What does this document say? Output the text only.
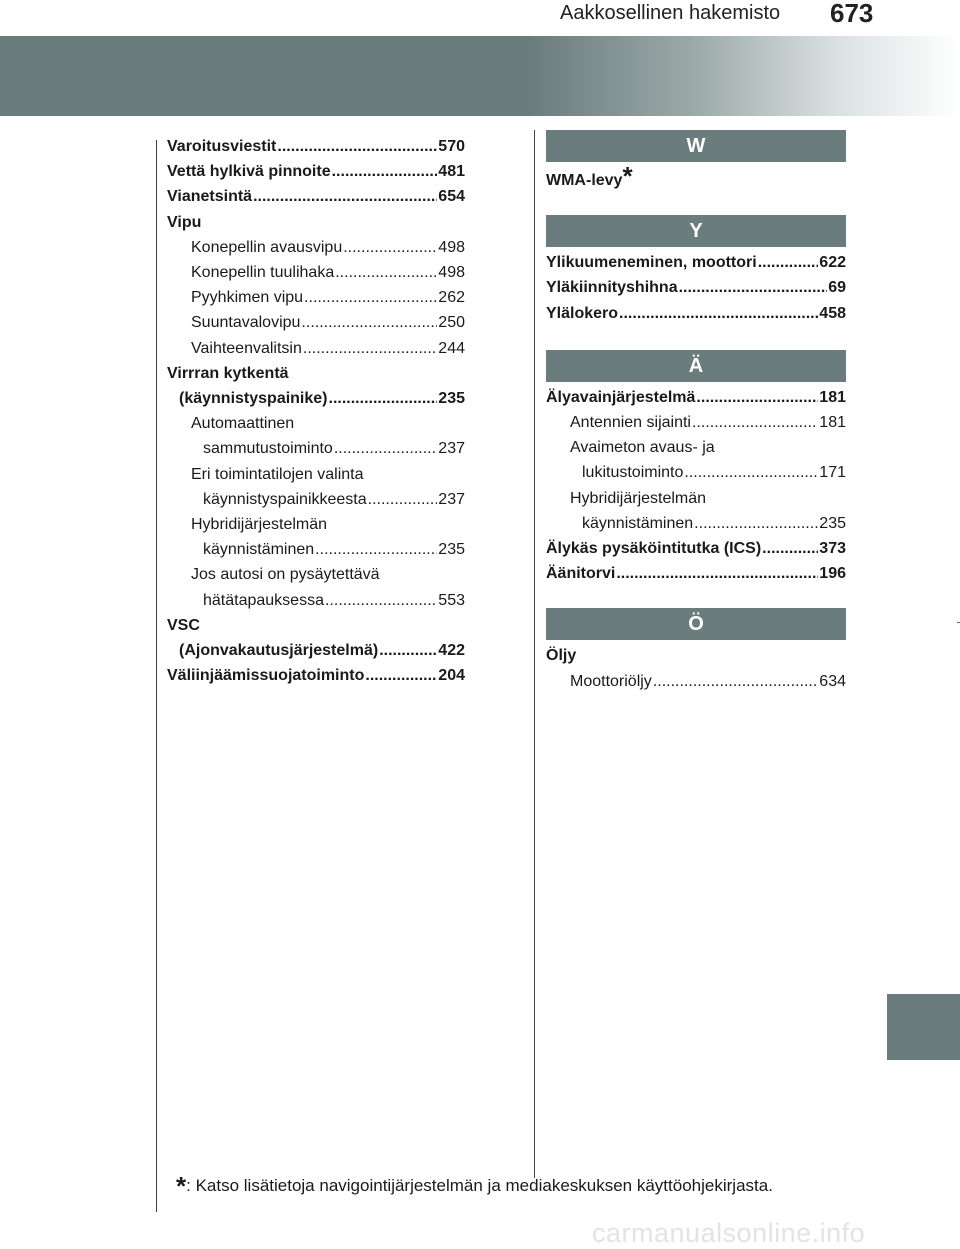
Aakkosellinen hakemisto 673
Varoitusviestit .....	570
Vettä hylkivä pinnoite .....	481
Vianetsintä .....	654
Vipu
Konepellin avausvipu .....	498
Konepellin tuulihaka .....	498
Pyyhkimen vipu .....	262
Suuntavalovipu .....	250
Vaihteenvalitsin .....	244
Virrran kytkentä
(käynnistyspainike) .....	235
Automaattinen
sammutustoiminto .....	237
Eri toimintatilojen valinta
käynnistyspainikkeesta .....	237
Hybridijärjestelmän
käynnistäminen .....	235
Jos autosi on pysäytettävä
hätätapauksessa .....	553
VSC
(Ajonvakautusjärjestelmä) .....	422
Väliinjäämissuojatoiminto .....	204
W
WMA-levy*
Y
Ylikuumeneminen, moottori .....	622
Yläkiinnityshihna .....	69
Ylälokero .....	458
Ä
Älyavainjärjestelmä .....	181
Antennien sijainti .....	181
Avaimeton avaus- ja
lukitustoiminto .....	171
Hybridijärjestelmän
käynnistäminen .....	235
Älykäs pysäköintitutka (ICS) .....	373
Äänitorvi .....	196
Ö
Öljy
Moottoriöljy .....	634
*: Katso lisätietoja navigointijärjestelmän ja mediakeskuksen käyttöohjekirjasta.
carmanualsonline.info
